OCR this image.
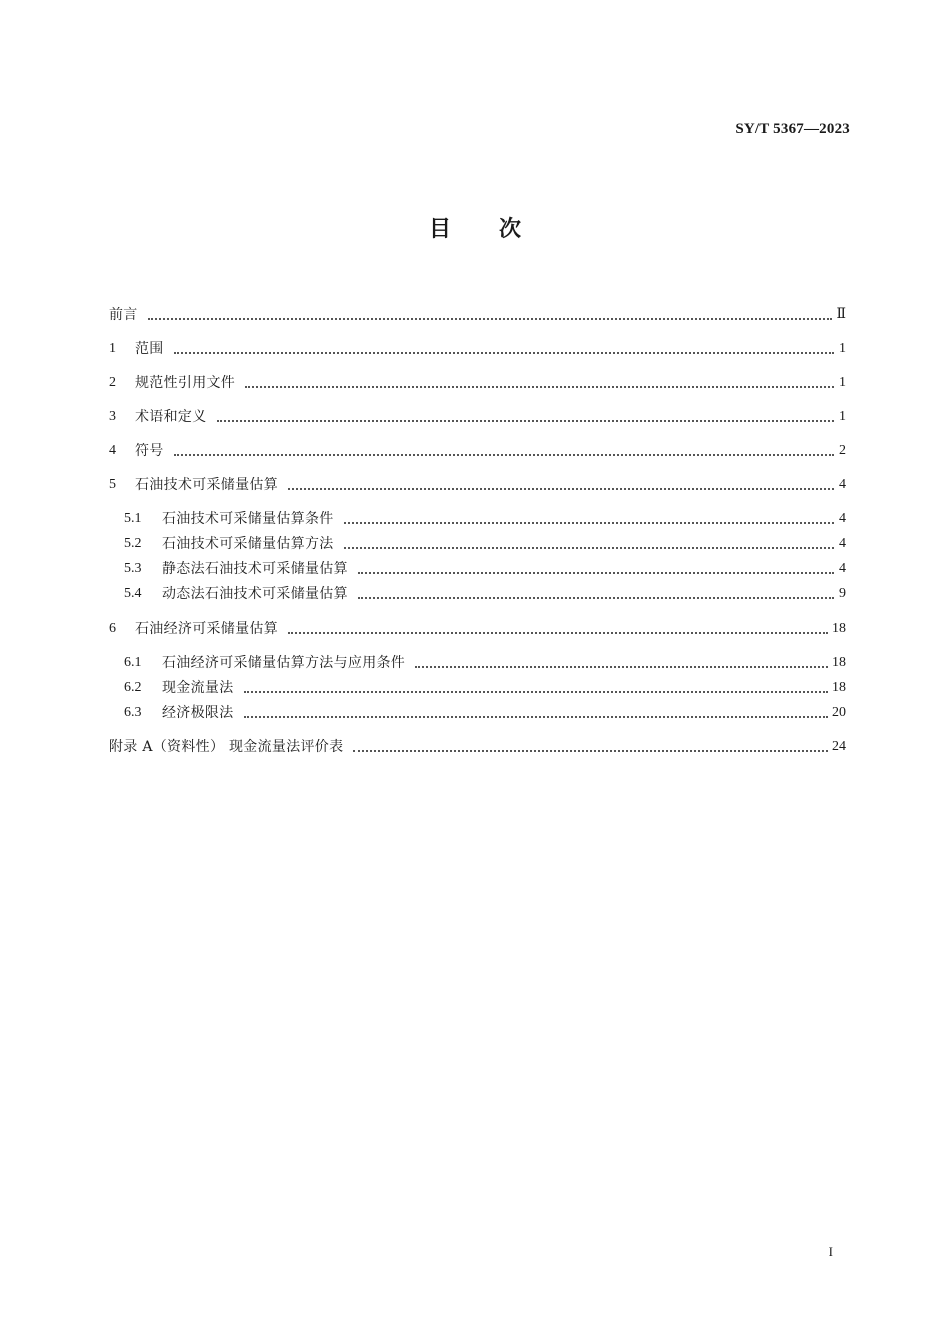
SY/T 5367—2023
目 次
前言	Ⅱ
1	范围	1
2	规范性引用文件	1
3	术语和定义	1
4	符号	2
5	石油技术可采储量估算	4
5.1	石油技术可采储量估算条件	4
5.2	石油技术可采储量估算方法	4
5.3	静态法石油技术可采储量估算	4
5.4	动态法石油技术可采储量估算	9
6	石油经济可采储量估算	18
6.1	石油经济可采储量估算方法与应用条件	18
6.2	现金流量法	18
6.3	经济极限法	20
附录 A（资料性） 现金流量法评价表	24
I
